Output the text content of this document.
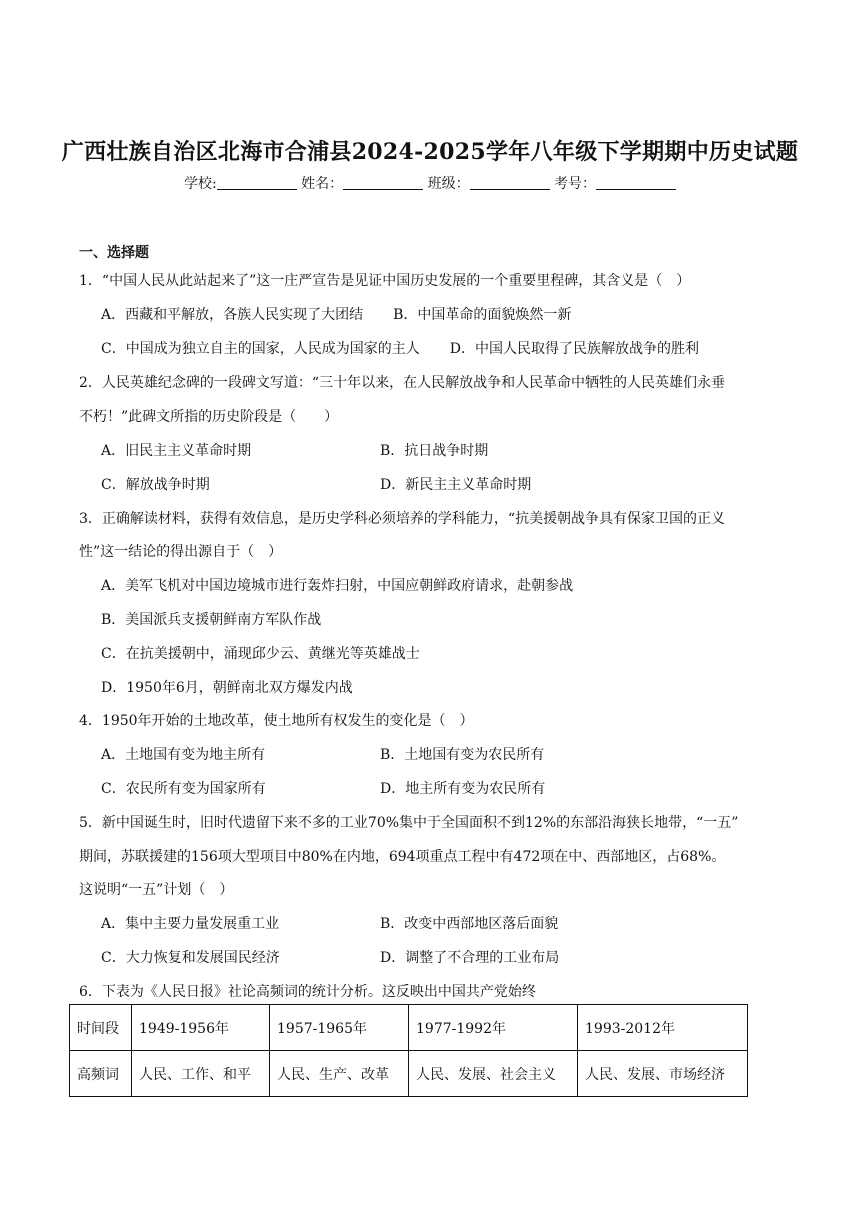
广西壮族自治区北海市合浦县2024-2025学年八年级下学期期中历史试题
学校:	姓名：	班级：	考号：
一、选择题
1．“中国人民从此站起来了”这一庄严宣告是见证中国历史发展的一个重要里程碑，其含义是（　）
A．西藏和平解放，各族人民实现了大团结 B．中国革命的面貌焕然一新
C．中国成为独立自主的国家，人民成为国家的主人 D．中国人民取得了民族解放战争的胜利
2．人民英雄纪念碑的一段碑文写道：“三十年以来，在人民解放战争和人民革命中牺牲的人民英雄们永垂
不朽！”此碑文所指的历史阶段是（　　）
A．旧民主主义革命时期	B．抗日战争时期
C．解放战争时期	D．新民主主义革命时期
3．正确解读材料，获得有效信息，是历史学科必须培养的学科能力，“抗美援朝战争具有保家卫国的正义
性”这一结论的得出源自于（　）
A．美军飞机对中国边境城市进行轰炸扫射，中国应朝鲜政府请求，赴朝参战
B．美国派兵支援朝鲜南方军队作战
C．在抗美援朝中，涌现邱少云、黄继光等英雄战士
D．1950年6月，朝鲜南北双方爆发内战
4．1950年开始的土地改革，使土地所有权发生的变化是（　）
A．土地国有变为地主所有	B．土地国有变为农民所有
C．农民所有变为国家所有	D．地主所有变为农民所有
5．新中国诞生时，旧时代遗留下来不多的工业70%集中于全国面积不到12%的东部沿海狭长地带，“一五”
期间，苏联援建的156项大型项目中80%在内地，694项重点工程中有472项在中、西部地区，占68%。
这说明“一五”计划（　）
A．集中主要力量发展重工业	B．改变中西部地区落后面貌
C．大力恢复和发展国民经济	D．调整了不合理的工业布局
6．下表为《人民日报》社论高频词的统计分析。这反映出中国共产党始终
时间段	1949-1956年	1957-1965年	1977-1992年	1993-2012年
高频词	人民、工作、和平	人民、生产、改革	人民、发展、社会主义	人民、发展、市场经济
